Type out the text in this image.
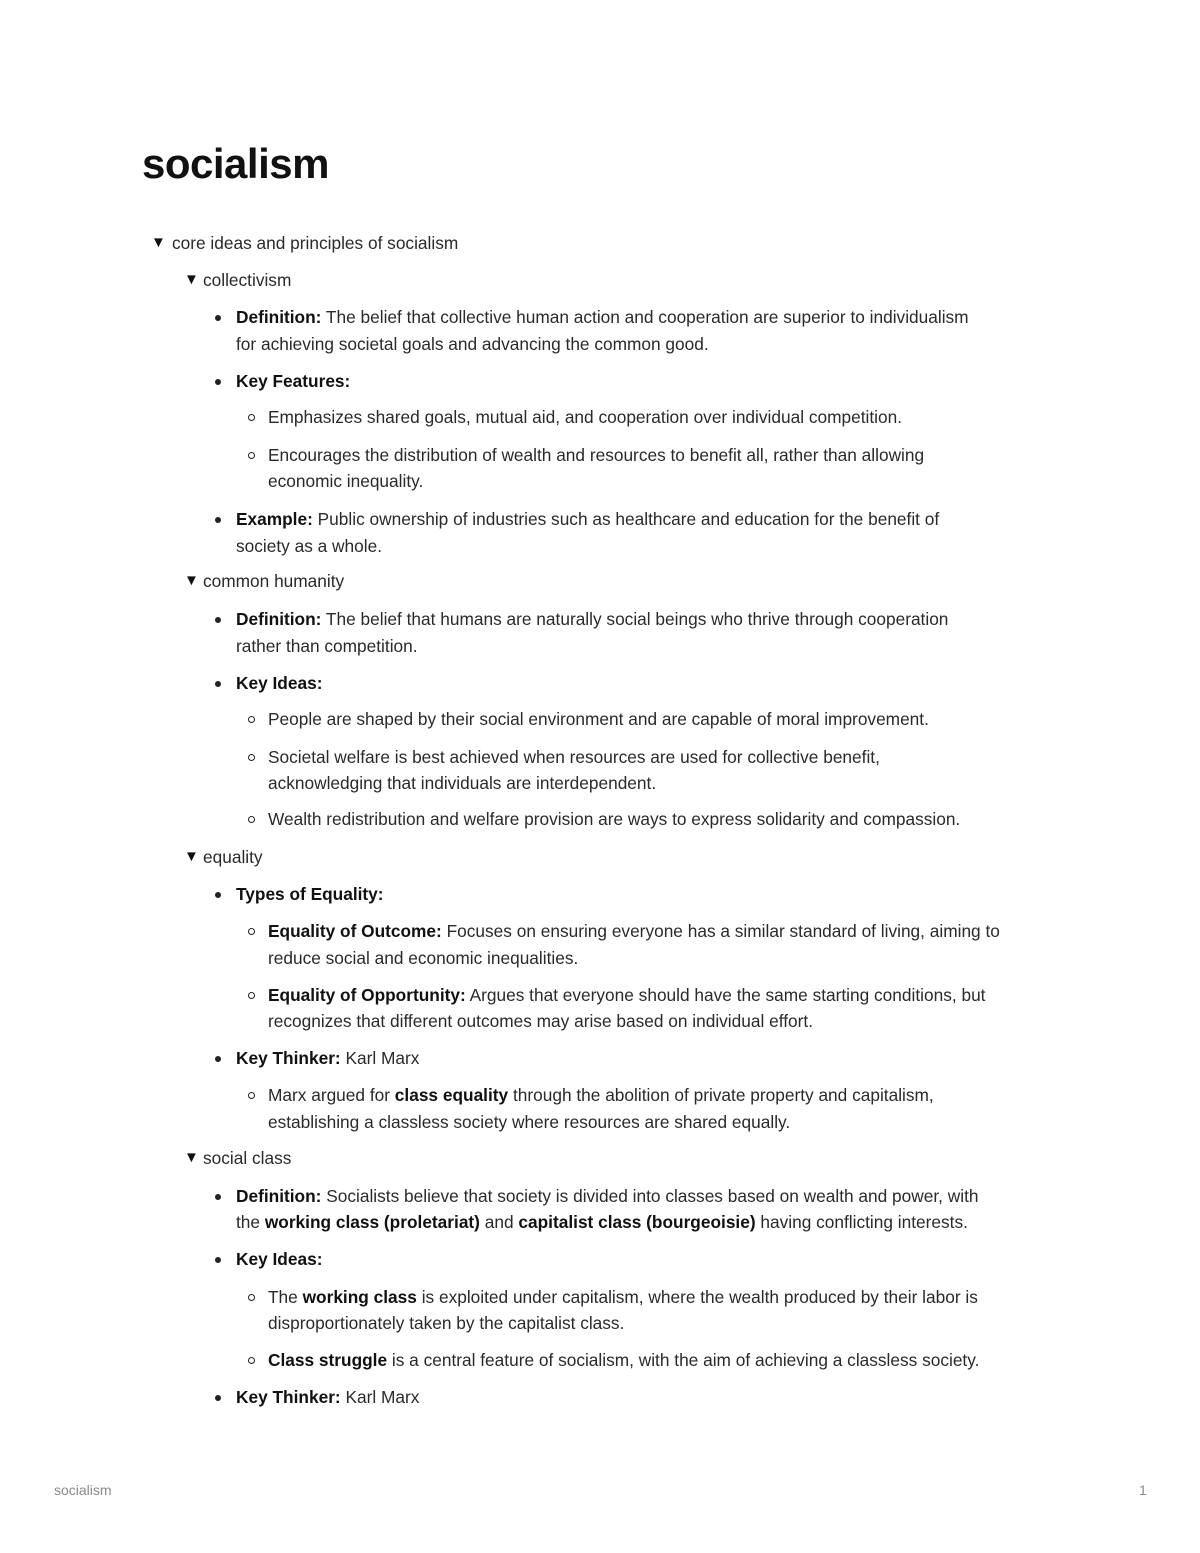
socialism
▼ core ideas and principles of socialism
▼ collectivism
Definition: The belief that collective human action and cooperation are superior to individualism
for achieving societal goals and advancing the common good.
Key Features:
Emphasizes shared goals, mutual aid, and cooperation over individual competition.
Encourages the distribution of wealth and resources to benefit all, rather than allowing
economic inequality.
Example: Public ownership of industries such as healthcare and education for the benefit of
society as a whole.
▼ common humanity
Definition: The belief that humans are naturally social beings who thrive through cooperation
rather than competition.
Key Ideas:
People are shaped by their social environment and are capable of moral improvement.
Societal welfare is best achieved when resources are used for collective benefit,
acknowledging that individuals are interdependent.
Wealth redistribution and welfare provision are ways to express solidarity and compassion.
▼ equality
Types of Equality:
Equality of Outcome: Focuses on ensuring everyone has a similar standard of living, aiming to
reduce social and economic inequalities.
Equality of Opportunity: Argues that everyone should have the same starting conditions, but
recognizes that different outcomes may arise based on individual effort.
Key Thinker: Karl Marx
Marx argued for class equality through the abolition of private property and capitalism,
establishing a classless society where resources are shared equally.
▼ social class
Definition: Socialists believe that society is divided into classes based on wealth and power, with
the working class (proletariat) and capitalist class (bourgeoisie) having conflicting interests.
Key Ideas:
The working class is exploited under capitalism, where the wealth produced by their labor is
disproportionately taken by the capitalist class.
Class struggle is a central feature of socialism, with the aim of achieving a classless society.
Key Thinker: Karl Marx
socialism	1
